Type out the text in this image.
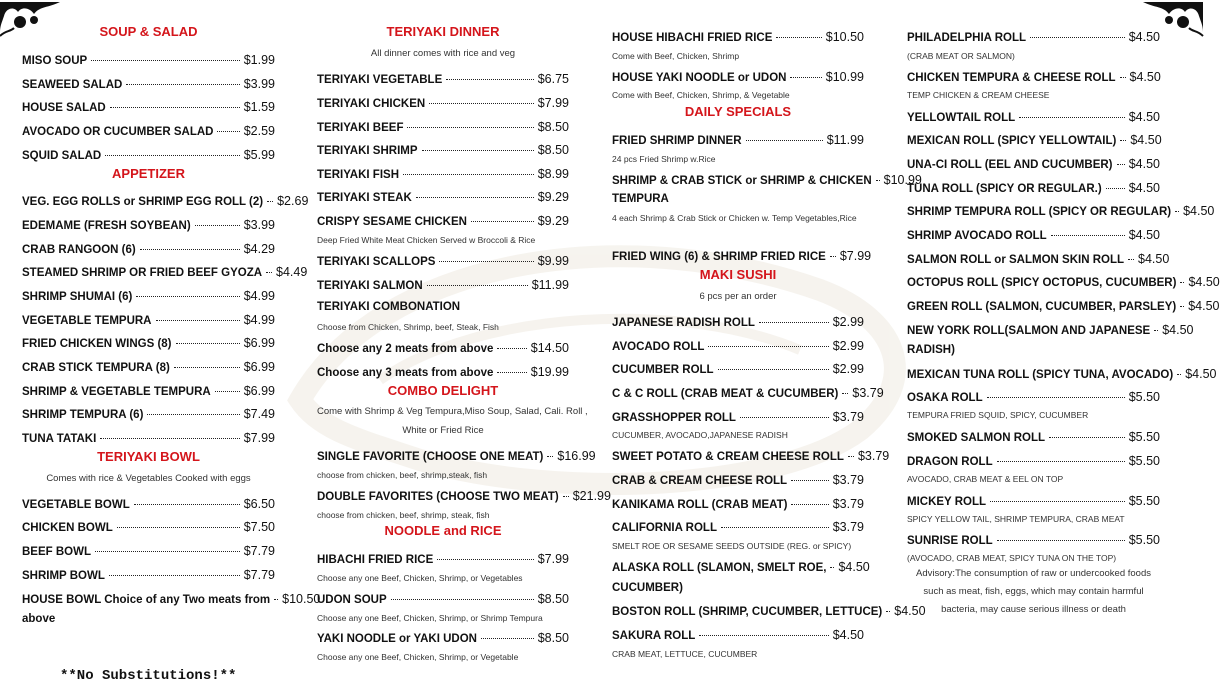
SOUP & SALAD
MISO SOUP	$1.99
SEAWEED SALAD	$3.99
HOUSE SALAD	$1.59
AVOCADO OR CUCUMBER SALAD $2.59
SQUID SALAD	$5.99
APPETIZER
VEG. EGG ROLLS or SHRIMP EGG ROLL (2) $2.69
EDEMAME (FRESH SOYBEAN)	$3.99
CRAB RANGOON (6)	$4.29
STEAMED SHRIMP OR FRIED BEEF GYOZA $4.49
SHRIMP SHUMAI (6)	$4.99
VEGETABLE TEMPURA	$4.99
FRIED CHICKEN WINGS (8)	$6.99
CRAB STICK TEMPURA (8)	$6.99
SHRIMP & VEGETABLE TEMPURA	$6.99
SHRIMP TEMPURA (6)	$7.49
TUNA TATAKI	$7.99
TERIYAKI BOWL
Comes with rice & Vegetables Cooked with eggs
VEGETABLE BOWL	$6.50
CHICKEN BOWL	$7.50
BEEF BOWL	$7.79
SHRIMP BOWL	$7.79
HOUSE BOWL Choice of any Two meats from $10.50
above
**No Substitutions!**
TERIYAKI DINNER
All dinner comes with rice and veg
TERIYAKI VEGETABLE	$6.75
TERIYAKI CHICKEN	$7.99
TERIYAKI BEEF	$8.50
TERIYAKI SHRIMP	$8.50
TERIYAKI FISH	$8.99
TERIYAKI STEAK	$9.29
CRISPY SESAME CHICKEN	$9.29
Deep Fried White Meat Chicken Served w Broccoli & Rice
TERIYAKI SCALLOPS	$9.99
TERIYAKI SALMON	$11.99
TERIYAKI COMBONATION
Choose from Chicken, Shrimp, beef, Steak, Fish
Choose any 2 meats from above	$14.50
Choose any 3 meats from above	$19.99
COMBO DELIGHT
Come with Shrimp & Veg Tempura,Miso Soup, Salad, Cali. Roll ,
White or Fried Rice
SINGLE FAVORITE (CHOOSE ONE MEAT) $16.99
choose from chicken, beef, shrimp,steak, fish
DOUBLE FAVORITES (CHOOSE TWO MEAT) $21.99
choose from chicken, beef, shrimp, steak, fish
NOODLE and RICE
HIBACHI FRIED RICE	$7.99
Choose any one Beef, Chicken, Shrimp, or Vegetables
UDON SOUP	$8.50
Choose any one Beef, Chicken, Shrimp, or Shrimp Tempura
YAKI NOODLE or YAKI UDON	$8.50
Choose any one Beef, Chicken, Shrimp, or Vegetable
HOUSE HIBACHI FRIED RICE	$10.50
Come with Beef, Chicken, Shrimp
HOUSE YAKI NOODLE or UDON	$10.99
Come with Beef, Chicken, Shrimp, & Vegetable
DAILY SPECIALS
FRIED SHRIMP DINNER	$11.99
24 pcs Fried Shrimp w.Rice
SHRIMP & CRAB STICK or SHRIMP & CHICKEN $10.99
TEMPURA
4 each Shrimp & Crab Stick or Chicken w. Temp Vegetables,Rice
FRIED WING (6) & SHRIMP FRIED RICE $7.99
MAKI SUSHI
6 pcs per an order
JAPANESE RADISH ROLL	$2.99
AVOCADO ROLL	$2.99
CUCUMBER ROLL	$2.99
C & C ROLL (CRAB MEAT & CUCUMBER) $3.79
GRASSHOPPER ROLL	$3.79
CUCUMBER, AVOCADO,JAPANESE RADISH
SWEET POTATO & CREAM CHEESE ROLL $3.79
CRAB & CREAM CHEESE ROLL	$3.79
KANIKAMA ROLL (CRAB MEAT)	$3.79
CALIFORNIA ROLL	$3.79
SMELT ROE OR SESAME SEEDS OUTSIDE (REG. or SPICY)
ALASKA ROLL (SLAMON, SMELT ROE, $4.50
CUCUMBER)
BOSTON ROLL (SHRIMP, CUCUMBER, LETTUCE) $4.50
SAKURA ROLL	$4.50
CRAB MEAT, LETTUCE, CUCUMBER
PHILADELPHIA ROLL	$4.50
(CRAB MEAT OR SALMON)
CHICKEN TEMPURA & CHEESE ROLL $4.50
TEMP CHICKEN & CREAM CHEESE
YELLOWTAIL ROLL	$4.50
MEXICAN ROLL (SPICY YELLOWTAIL) $4.50
UNA-CI ROLL (EEL AND CUCUMBER) $4.50
TUNA ROLL (SPICY OR REGULAR.) $4.50
SHRIMP TEMPURA ROLL (SPICY OR REGULAR) $4.50
SHRIMP AVOCADO ROLL	$4.50
SALMON ROLL or SALMON SKIN ROLL $4.50
OCTOPUS ROLL (SPICY OCTOPUS, CUCUMBER) $4.50
GREEN ROLL (SALMON, CUCUMBER, PARSLEY) $4.50
NEW YORK ROLL(SALMON AND JAPANESE $4.50
RADISH)
MEXICAN TUNA ROLL (SPICY TUNA, AVOCADO) $4.50
OSAKA ROLL	$5.50
TEMPURA FRIED SQUID, SPICY, CUCUMBER
SMOKED SALMON ROLL	$5.50
DRAGON ROLL	$5.50
AVOCADO, CRAB MEAT & EEL ON TOP
MICKEY ROLL	$5.50
SPICY YELLOW TAIL, SHRIMP TEMPURA, CRAB MEAT
SUNRISE ROLL	$5.50
(AVOCADO, CRAB MEAT, SPICY TUNA ON THE TOP)
Advisory:The consumption of raw or undercooked foods such as meat, fish, eggs, which may contain harmful bacteria, may cause serious illness or death
